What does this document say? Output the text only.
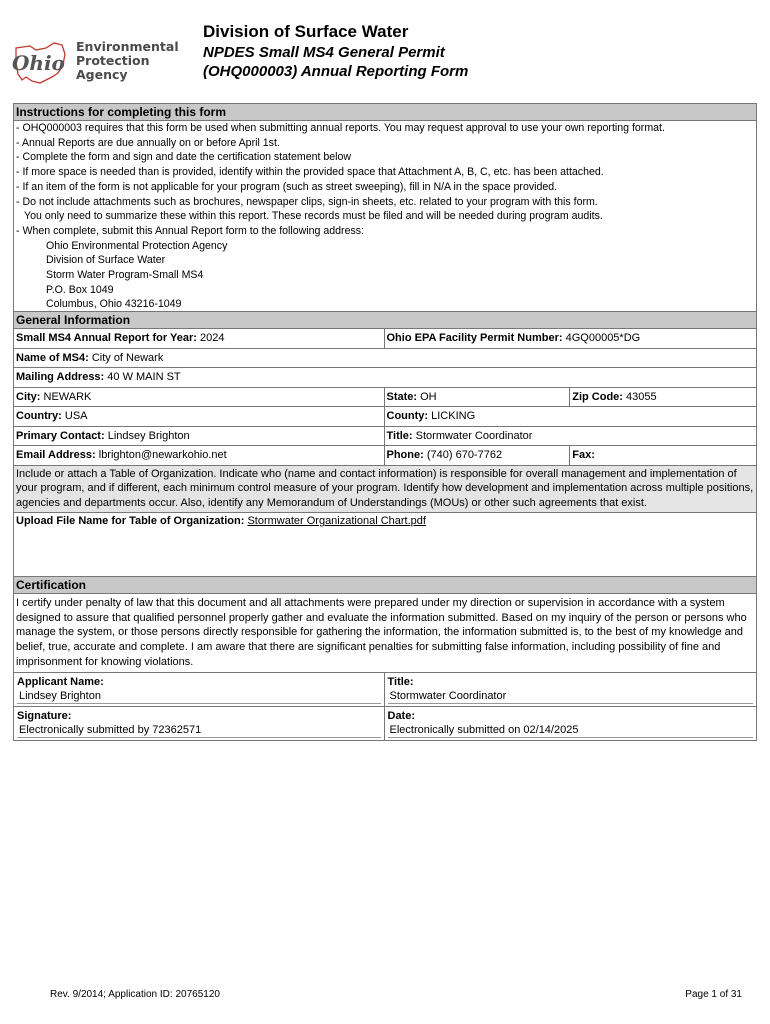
Ohio
Environmental
Protection
Agency
Division of Surface Water
NPDES Small MS4 General Permit
(OHQ000003) Annual Reporting Form
Instructions for completing this form
- OHQ000003 requires that this form be used when submitting annual reports. You may request approval to use your own reporting format.
- Annual Reports are due annually on or before April 1st.
- Complete the form and sign and date the certification statement below
- If more space is needed than is provided, identify within the provided space that Attachment A, B, C, etc. has been attached.
- If an item of the form is not applicable for your program (such as street sweeping), fill in N/A in the space provided.
- Do not include attachments such as brochures, newspaper clips, sign-in sheets, etc. related to your program with this form.
You only need to summarize these within this report. These records must be filed and will be needed during program audits.
- When complete, submit this Annual Report form to the following address:
Ohio Environmental Protection Agency
Division of Surface Water
Storm Water Program-Small MS4
P.O. Box 1049
Columbus, Ohio 43216-1049
General Information
Small MS4 Annual Report for Year: 2024	Ohio EPA Facility Permit Number: 4GQ00005*DG
Name of MS4: City of Newark
Mailing Address: 40 W MAIN ST
City: NEWARK	State: OH	Zip Code: 43055
Country: USA	County: LICKING
Primary Contact: Lindsey Brighton	Title: Stormwater Coordinator
Email Address: lbrighton@newarkohio.net	Phone: (740) 670-7762	Fax:
Include or attach a Table of Organization. Indicate who (name and contact information) is responsible for overall management and implementation of your program, and if different, each minimum control measure of your program. Identify how development and implementation across multiple positions, agencies and departments occur. Also, identify any Memorandum of Understandings (MOUs) or other such agreements that exist.
Upload File Name for Table of Organization: Stormwater Organizational Chart.pdf
Certification
I certify under penalty of law that this document and all attachments were prepared under my direction or supervision in accordance with a system designed to assure that qualified personnel properly gather and evaluate the information submitted. Based on my inquiry of the person or persons who manage the system, or those persons directly responsible for gathering the information, the information submitted is, to the best of my knowledge and belief, true, accurate and complete. I am aware that there are significant penalties for submitting false information, including possibility of fine and imprisonment for knowing violations.
Applicant Name:
Lindsey Brighton
Title:
Stormwater Coordinator
Signature:
Electronically submitted by 72362571
Date:
Electronically submitted on 02/14/2025
Rev. 9/2014; Application ID: 20765120	Page 1 of 31
